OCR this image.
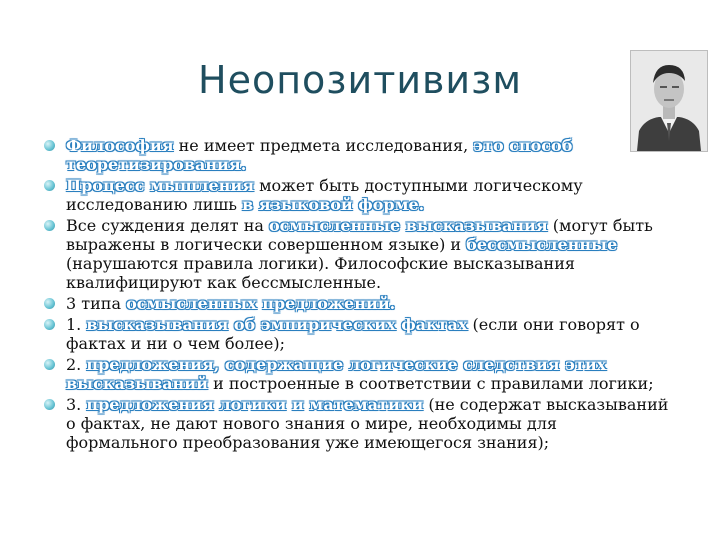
Неопозитивизм
Философия не имеет предмета исследования, это способ теоретизирования.
Процесс мышления может быть доступными логическому исследованию лишь в языковой форме.
Все суждения делят на осмысленные высказывания (могут быть выражены в логически совершенном языке) и бессмысленные (нарушаются правила логики). Философские высказывания квалифицируют как бессмысленные.
3 типа осмысленных предложений.
1. высказывания об эмпирических фактах (если они говорят о фактах и ни о чем более);
2. предложения, содержащие логические следствия этих высказываний и построенные в соответствии с правилами логики;
3. предложения логики и математики (не содержат высказываний о фактах, не дают нового знания о мире, необходимы для формального преобразования уже имеющегося знания);
